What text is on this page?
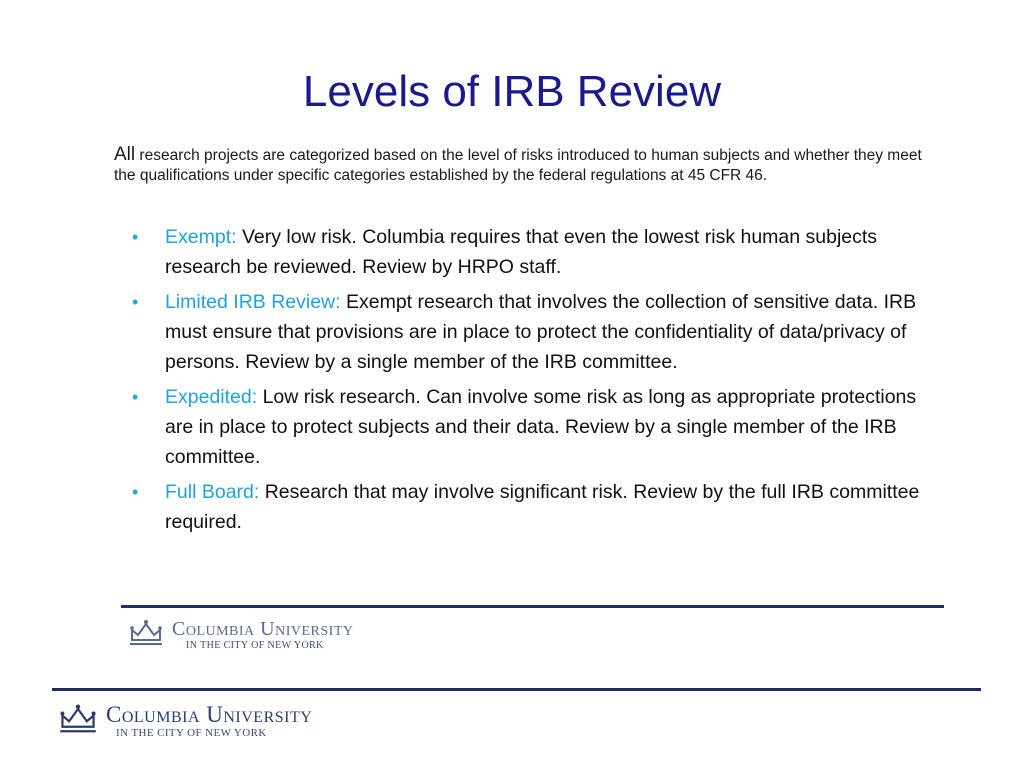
Levels of IRB Review

All research projects are categorized based on the level of risks introduced to human subjects and whether they meet the qualifications under specific categories established by the federal regulations at 45 CFR 46.

• Exempt: Very low risk. Columbia requires that even the lowest risk human subjects research be reviewed. Review by HRPO staff.
• Limited IRB Review: Exempt research that involves the collection of sensitive data. IRB must ensure that provisions are in place to protect the confidentiality of data/privacy of persons. Review by a single member of the IRB committee.
• Expedited: Low risk research. Can involve some risk as long as appropriate protections are in place to protect subjects and their data. Review by a single member of the IRB committee.
• Full Board: Research that may involve significant risk. Review by the full IRB committee required.
Columbia University
IN THE CITY OF NEW YORK
Columbia University
IN THE CITY OF NEW YORK
